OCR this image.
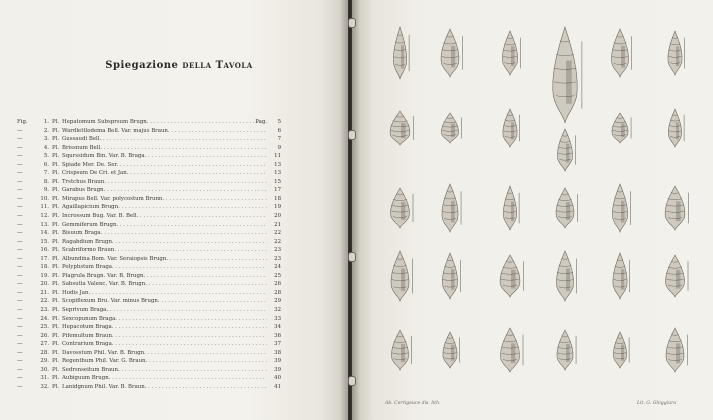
Spiegazione della Tavola
Fig.	1. Pl. Hepatomum Subsprsum Brugn. . . .	Pag.	5
—	2. Pl. Wardlettlodema Bell. Var. majus Braun. . . .	6
—	3. Pl. Gussaudi Bell. . . .	7
—	4. Pl. Brissnum Bell. . . .	9
—	5. Pl. Squrssidum Bin. Var. B. Braga. . . .	11
—	6. Pl. Spiade Mer. De. Ser. . . .	13
—	7. Pl. Crispsum De Cri. et Jan. . . .	13
—	8. Pl. Trstchus Braun. . . .	15
—	9. Pl. Garabus Brugn. . . .	17
—	10. Pl. Mirapus Bell. Var. polycostum Brunn. . . .	18
—	11. Pl. Agaillapicium Brugn. . . .	19
—	12. Pl. Incrossum Bug. Var. B. Bell. . . .	20
—	13. Pl. Gemmiferum Brugn. . . .	21
—	14. Pl. Bisuum Braga. . . .	22
—	15. Pl. Ragabdium Brugn. . . .	22
—	16. Pl. Scabriformo Braun. . . .	23
—	17. Pl. Albundina Bom. Var. Seraiopsis Brugn. . . .	23
—	18. Pl. Polyphstum Braga. . . .	24
—	19. Pl. Plagrula Brugn. Var. B. Brugn. . . .	25
—	20. Pl. Sabsutla Valenc. Var. B. Brugn. . . .	26
—	21. Pl. Hodis Jan. . . .	28
—	22. Pl. Scopiflexum Bru. Var. minus Brugn. . . .	29
—	23. Pl. Seprivum Braga. . . .	32
—	24. Pl. Sexcopunum Braga. . . .	33
—	25. Pl. Hepacotum Braga. . . .	34
—	26. Pl. Pifemultum Braun. . . .	36
—	27. Pl. Contrarium Braga. . . .	37
—	28. Pl. Davosstum Phil. Var. B. Brugn. . . .	38
—	29. Pl. Regenthum Phil. Var. G. Braun. . . .	39
—	30. Pl. Sedrsnseitum Braun. . . .	39
—	31. Pl. Aubiguum Brugn. . . .	40
—	32. Pl. Lanidgnum Phil. Var. B. Braun. . . .	41
Ab. Cerrigeuce dis. lith.	Lit. G. Ghiggiura
